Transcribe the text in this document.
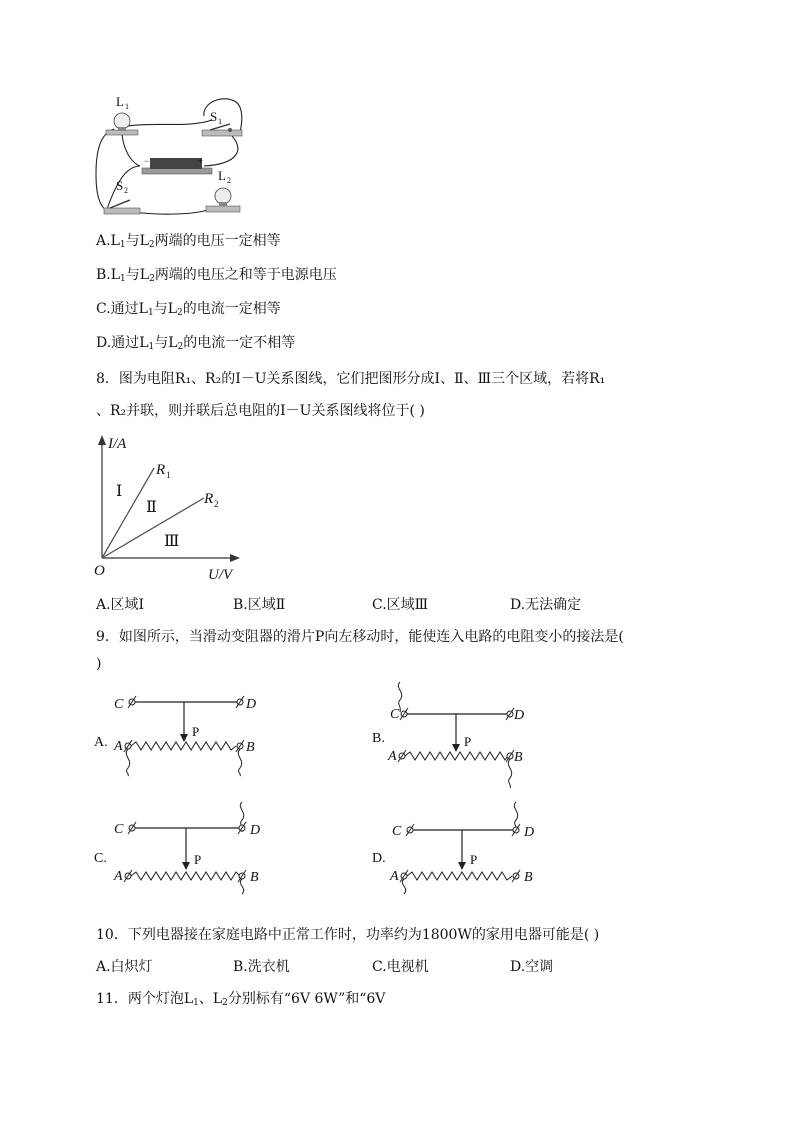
L 1
S 1
−	+
S 2
L 2
$A.L_1$与$L_2$两端的电压一定相等
$B.L_1$与$L_2$两端的电压之和等于电源电压
C.通过$L_1$与$L_2$的电流一定相等
D.通过$L_1$与$L_2$的电流一定不相等
8．图为电阻R₁、R₂的I－U关系图线，它们把图形分成Ⅰ、Ⅱ、Ⅲ三个区域，若将R₁
、R₂并联，则并联后总电阻的I－U关系图线将位于( )
I/A
U/V
O
R 1
R 2
Ⅰ
Ⅱ
Ⅲ
A.区域Ⅰ	B.区域Ⅱ	C.区域Ⅲ	D.无法确定
9．如图所示，当滑动变阻器的滑片P向左移动时，能使连入电路的电阻变小的接法是(
)
A.
C	D
P
A	B
B.
C	D
P
A	B
C.
C	D
P
A	B
D.
C	D
P
A	B
10．下列电器接在家庭电路中正常工作时，功率约为1800W的家用电器可能是( )
A.白炽灯	B.洗衣机	C.电视机	D.空调
11．两个灯泡$L_1$、$L_2$分别标有“6V 6W”和“6V
